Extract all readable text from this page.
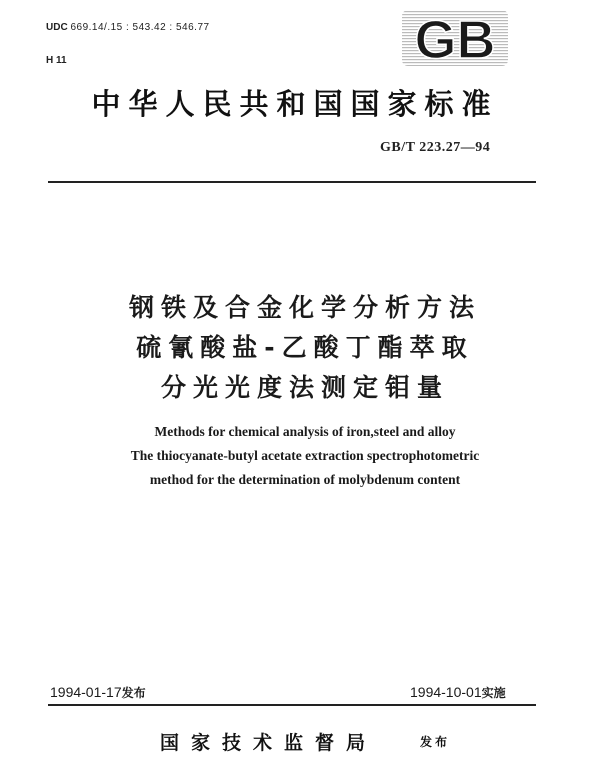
UDC 669.14/.15 : 543.42 : 546.77

H 11	GB
中华人民共和国国家标准
GB/T 223.27—94
钢铁及合金化学分析方法
硫氰酸盐-乙酸丁酯萃取
分光光度法测定钼量
Methods for chemical analysis of iron,steel and alloy
The thiocyanate-butyl acetate extraction spectrophotometric
method for the determination of molybdenum content
1994-01-17发布	1994-10-01实施
国家技术监督局	发布
